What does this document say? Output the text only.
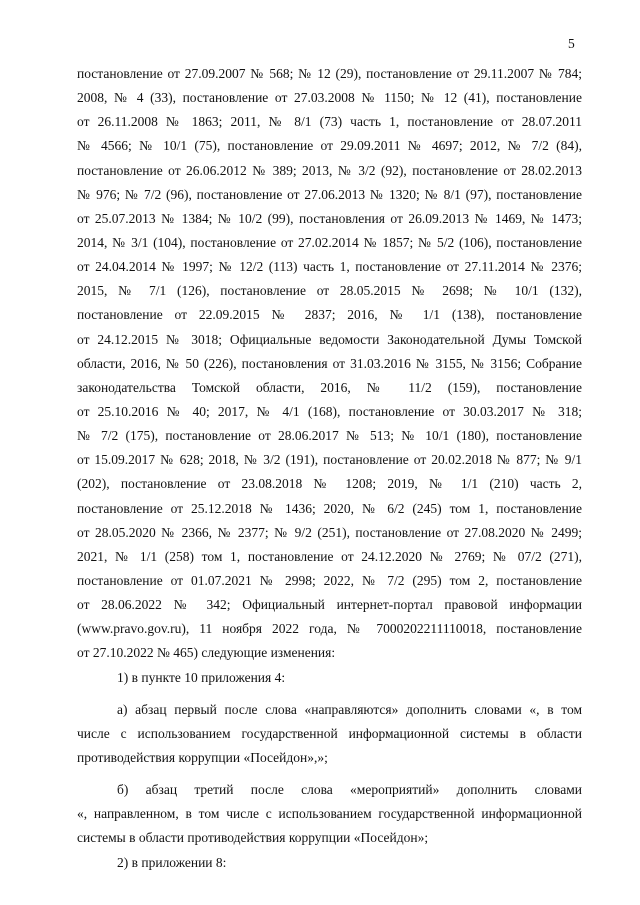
5
постановление от 27.09.2007 № 568; № 12 (29), постановление от 29.11.2007 № 784;
2008, № 4 (33), постановление от 27.03.2008 № 1150; № 12 (41), постановление
от 26.11.2008 № 1863; 2011, № 8/1 (73) часть 1, постановление от 28.07.2011
№ 4566; № 10/1 (75), постановление от 29.09.2011 № 4697; 2012, № 7/2 (84),
постановление от 26.06.2012 № 389; 2013, № 3/2 (92), постановление от 28.02.2013
№ 976; № 7/2 (96), постановление от 27.06.2013 № 1320; № 8/1 (97), постановление
от 25.07.2013 № 1384; № 10/2 (99), постановления от 26.09.2013 № 1469, № 1473;
2014, № 3/1 (104), постановление от 27.02.2014 № 1857; № 5/2 (106), постановление
от 24.04.2014 № 1997; № 12/2 (113) часть 1, постановление от 27.11.2014 № 2376;
2015, № 7/1 (126), постановление от 28.05.2015 № 2698; № 10/1 (132),
постановление от 22.09.2015 № 2837; 2016, № 1/1 (138), постановление
от 24.12.2015 № 3018; Официальные ведомости Законодательной Думы Томской
области, 2016, № 50 (226), постановления от 31.03.2016 № 3155, № 3156; Собрание
законодательства Томской области, 2016, № 11/2 (159), постановление
от 25.10.2016 № 40; 2017, № 4/1 (168), постановление от 30.03.2017 № 318;
№ 7/2 (175), постановление от 28.06.2017 № 513; № 10/1 (180), постановление
от 15.09.2017 № 628; 2018, № 3/2 (191), постановление от 20.02.2018 № 877; № 9/1
(202), постановление от 23.08.2018 № 1208; 2019, № 1/1 (210) часть 2,
постановление от 25.12.2018 № 1436; 2020, № 6/2 (245) том 1, постановление
от 28.05.2020 № 2366, № 2377; № 9/2 (251), постановление от 27.08.2020 № 2499;
2021, № 1/1 (258) том 1, постановление от 24.12.2020 № 2769; № 07/2 (271),
постановление от 01.07.2021 № 2998; 2022, № 7/2 (295) том 2, постановление
от 28.06.2022 № 342; Официальный интернет-портал правовой информации
(www.pravo.gov.ru), 11 ноября 2022 года, № 7000202211110018, постановление
от 27.10.2022 № 465) следующие изменения:
1) в пункте 10 приложения 4:
а) абзац первый после слова «направляются» дополнить словами «, в том
числе с использованием государственной информационной системы в области
противодействия коррупции «Посейдон»,»;
б) абзац третий после слова «мероприятий» дополнить словами
«, направленном, в том числе с использованием государственной информационной
системы в области противодействия коррупции «Посейдон»;
2) в приложении 8:
